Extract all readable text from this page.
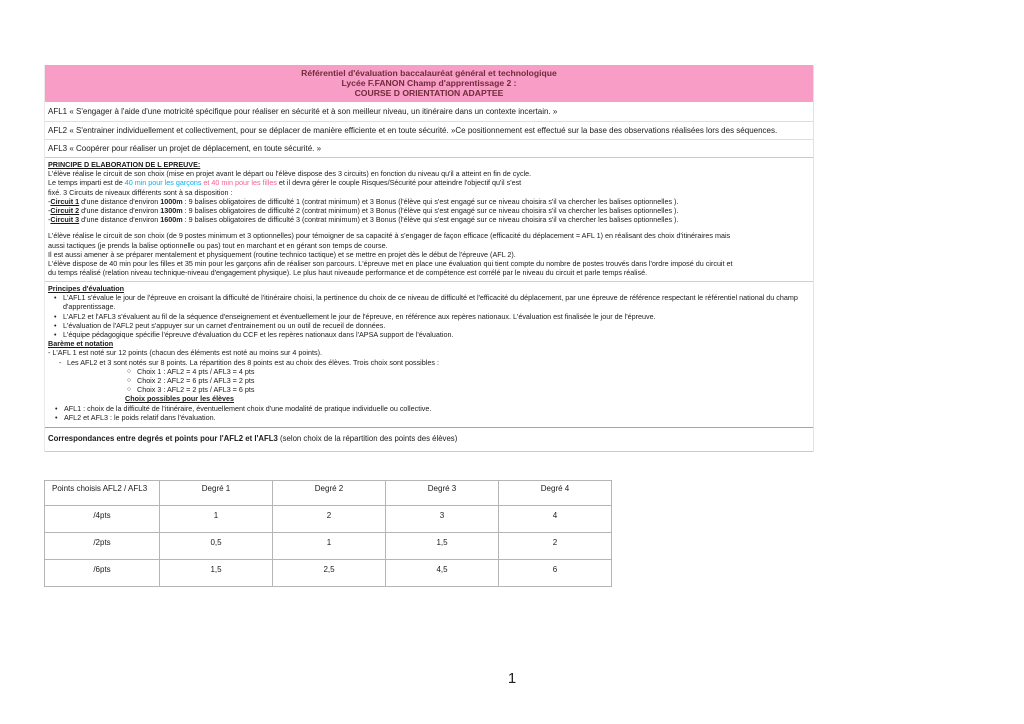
Référentiel d'évaluation baccalauréat général et technologique
Lycée F.FANON Champ d'apprentissage 2 :
COURSE D ORIENTATION ADAPTEE
AFL1 « S'engager à l'aide d'une motricité spécifique pour réaliser en sécurité et à son meilleur niveau, un itinéraire dans un contexte incertain. »
AFL2 « S'entrainer individuellement et collectivement, pour se déplacer de manière efficiente et en toute sécurité. »Ce positionnement est effectué sur la base des observations réalisées lors des séquences.
AFL3 « Coopérer pour réaliser un projet de déplacement, en toute sécurité. »
PRINCIPE D ELABORATION DE L EPREUVE:
L'élève réalise le circuit de son choix (mise en projet avant le départ ou l'élève dispose des 3 circuits) en fonction du niveau qu'il a atteint en fin de cycle.
Le temps imparti est de 40 min pour les garçons et 40 min pour les filles et il devra gérer le couple Risques/Sécurité pour atteindre l'objectif qu'il s'est
fixé. 3 Circuits de niveaux différents sont à sa disposition :
-Circuit 1 d'une distance d'environ 1000m : 9 balises obligatoires de difficulté 1 (contrat minimum) et 3 Bonus (l'élève qui s'est engagé sur ce niveau choisira s'il va chercher les balises optionnelles ).
-Circuit 2 d'une distance d'environ 1300m : 9 balises obligatoires de difficulté 2 (contrat minimum) et 3 Bonus (l'élève qui s'est engagé sur ce niveau choisira s'il va chercher les balises optionnelles ).
-Circuit 3 d'une distance d'environ 1600m : 9 balises obligatoires de difficulté 3 (contrat minimum) et 3 Bonus (l'élève qui s'est engagé sur ce niveau choisira s'il va chercher les balises optionnelles ).
L'élève réalise le circuit de son choix (de 9 postes minimum et 3 optionnelles) pour témoigner de sa capacité à s'engager de façon efficace (efficacité du déplacement = AFL 1) en réalisant des choix d'itinéraires mais
aussi tactiques (je prends la balise optionnelle ou pas) tout en marchant et en gérant son temps de course.
Il est aussi amener à se préparer mentalement et physiquement (routine technico tactique) et se mettre en projet dès le début de l'épreuve (AFL 2).
L'élève dispose de 40 min pour les filles et 35 min pour les garçons afin de réaliser son parcours. L'épreuve met en place une évaluation qui tient compte du nombre de postes trouvés dans l'ordre imposé du circuit et
du temps réalisé (relation niveau technique-niveau d'engagement physique). Le plus haut niveaude performance et de compétence est corrélé par le niveau du circuit et parle temps réalisé.
Principes d'évaluation
• L'AFL1 s'évalue le jour de l'épreuve en croisant la difficulté de l'itinéraire choisi, la pertinence du choix de ce niveau de difficulté et l'efficacité du déplacement, par une épreuve de référence respectant le référentiel national du champ d'apprentissage.
• L'AFL2 et l'AFL3 s'évaluent au fil de la séquence d'enseignement et éventuellement le jour de l'épreuve, en référence aux repères nationaux. L'évaluation est finalisée le jour de l'épreuve.
• L'évaluation de l'AFL2 peut s'appuyer sur un carnet d'entrainement ou un outil de recueil de données.
• L'équipe pédagogique spécifie l'épreuve d'évaluation du CCF et les repères nationaux dans l'APSA support de l'évaluation.
Barème et notation
- L'AFL 1 est noté sur 12 points (chacun des éléments est noté au moins sur 4 points).
- Les AFL2 et 3 sont notés sur 8 points. La répartition des 8 points est au choix des élèves. Trois choix sont possibles :
○ Choix 1 : AFL2 = 4 pts / AFL3 = 4 pts
○ Choix 2 : AFL2 = 6 pts / AFL3 = 2 pts
○ Choix 3 : AFL2 = 2 pts / AFL3 = 6 pts
Choix possibles pour les élèves
• AFL1 : choix de la difficulté de l'itinéraire, éventuellement choix d'une modalité de pratique individuelle ou collective.
• AFL2 et AFL3 : le poids relatif dans l'évaluation.
Correspondances entre degrés et points pour l'AFL2 et l'AFL3 (selon choix de la répartition des points des élèves)
Points choisis AFL2 / AFL3	Degré 1	Degré 2	Degré 3	Degré 4
/4pts	1	2	3	4
/2pts	0,5	1	1,5	2
/6pts	1,5	2,5	4,5	6
1
